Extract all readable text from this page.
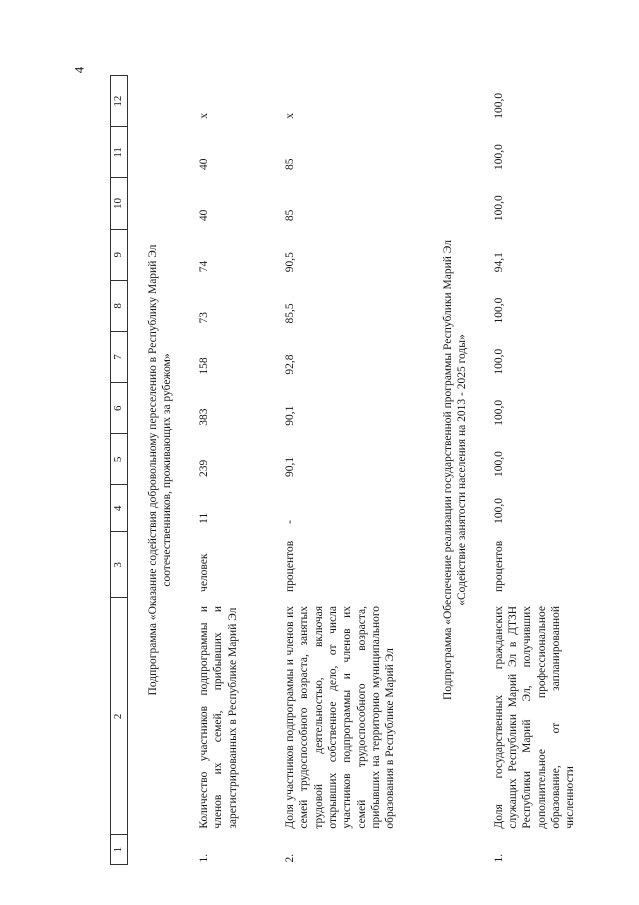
4
1	2	3	4	5	6	7	8	9	10	11	12
Подпрограмма «Оказание содействия добровольному переселению в Республику Марий Эл соотечественников, проживающих за рубежом»											
1.	Количество участников подпрограммы и членов их семей, прибывших и зарегистрированных в Республике Марий Эл	человек	11	239	383	158	73	74	40	40	x
2.	Доля участников подпрограммы и членов их семей трудоспособного возраста, занятых трудовой деятельностью, включая открывших собственное дело, от числа участников подпрограммы и членов их семей трудоспособного возраста, прибывших на территорию муниципального образования в Республике Марий Эл	процентов	-	90,1	90,1	92,8	85,5	90,5	85	85	x
Подпрограмма «Обеспечение реализации государственной программы Республики Марий Эл «Содействие занятости населения на 2013 - 2025 годы»											
1.	Доля государственных гражданских служащих Республики Марий Эл в ДТЗН Республики Марий Эл, получивших дополнительное профессиональное образование, от запланированной численности	процентов	100,0	100,0	100,0	100,0	100,0	94,1	100,0	100,0	100,0
